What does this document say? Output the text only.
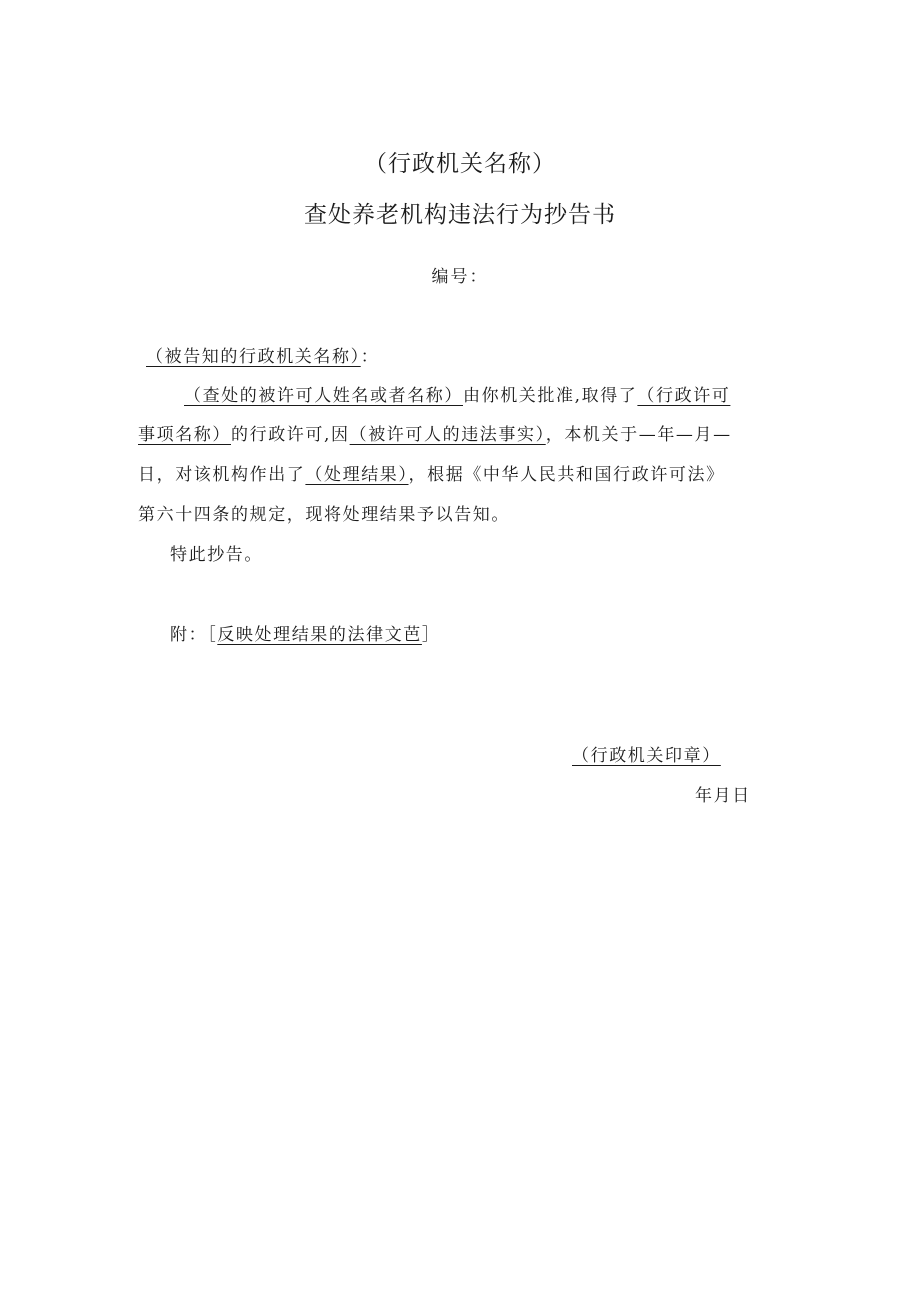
（行政机关名称）
查处养老机构违法行为抄告书
编号：
（被告知的行政机关名称）：
（查处的被许可人姓名或者名称）由你机关批准,取得了（行政许可
事项名称）的行政许可,因（被许可人的违法事实），本机关于—年—月—
日，对该机构作出了（处理结果），根据《中华人民共和国行政许可法》
第六十四条的规定，现将处理结果予以告知。
特此抄告。
附：［反映处理结果的法律文芭］
（行政机关印章）
年月日
